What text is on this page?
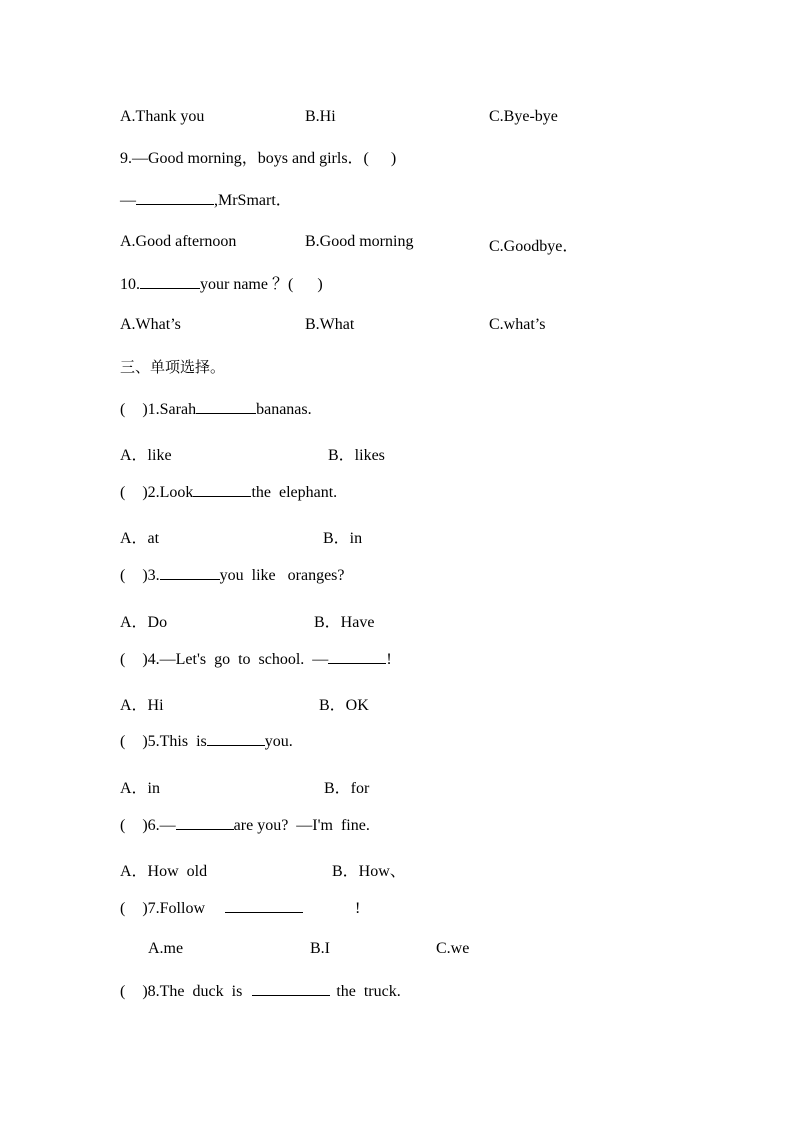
A.Thank you	B.Hi	C.Bye-bye
9.—Good morning，boys and girls．( )
—	,MrSmart．
A.Good afternoon	B.Good morning	C.Goodbye．
10.	your name ？( )
A.What’s	B.What	C.what’s
三、单项选择。
( )1.Sarah	bananas.
A．like	B．likes
( )2.Look	the  elephant.
A．at	B．in
( )3.	you  like   oranges?
A．Do	B．Have
( )4.—Let's  go  to  school.  —	!
A．Hi	B．OK
( )5.This  is	you.
A．in	B．for
( )6.—	are you?  —I'm  fine.
A．How  old	B．How、
( )7.Follow	!
A.me	B.I	C.we
( )8.The  duck  is	the  truck.
